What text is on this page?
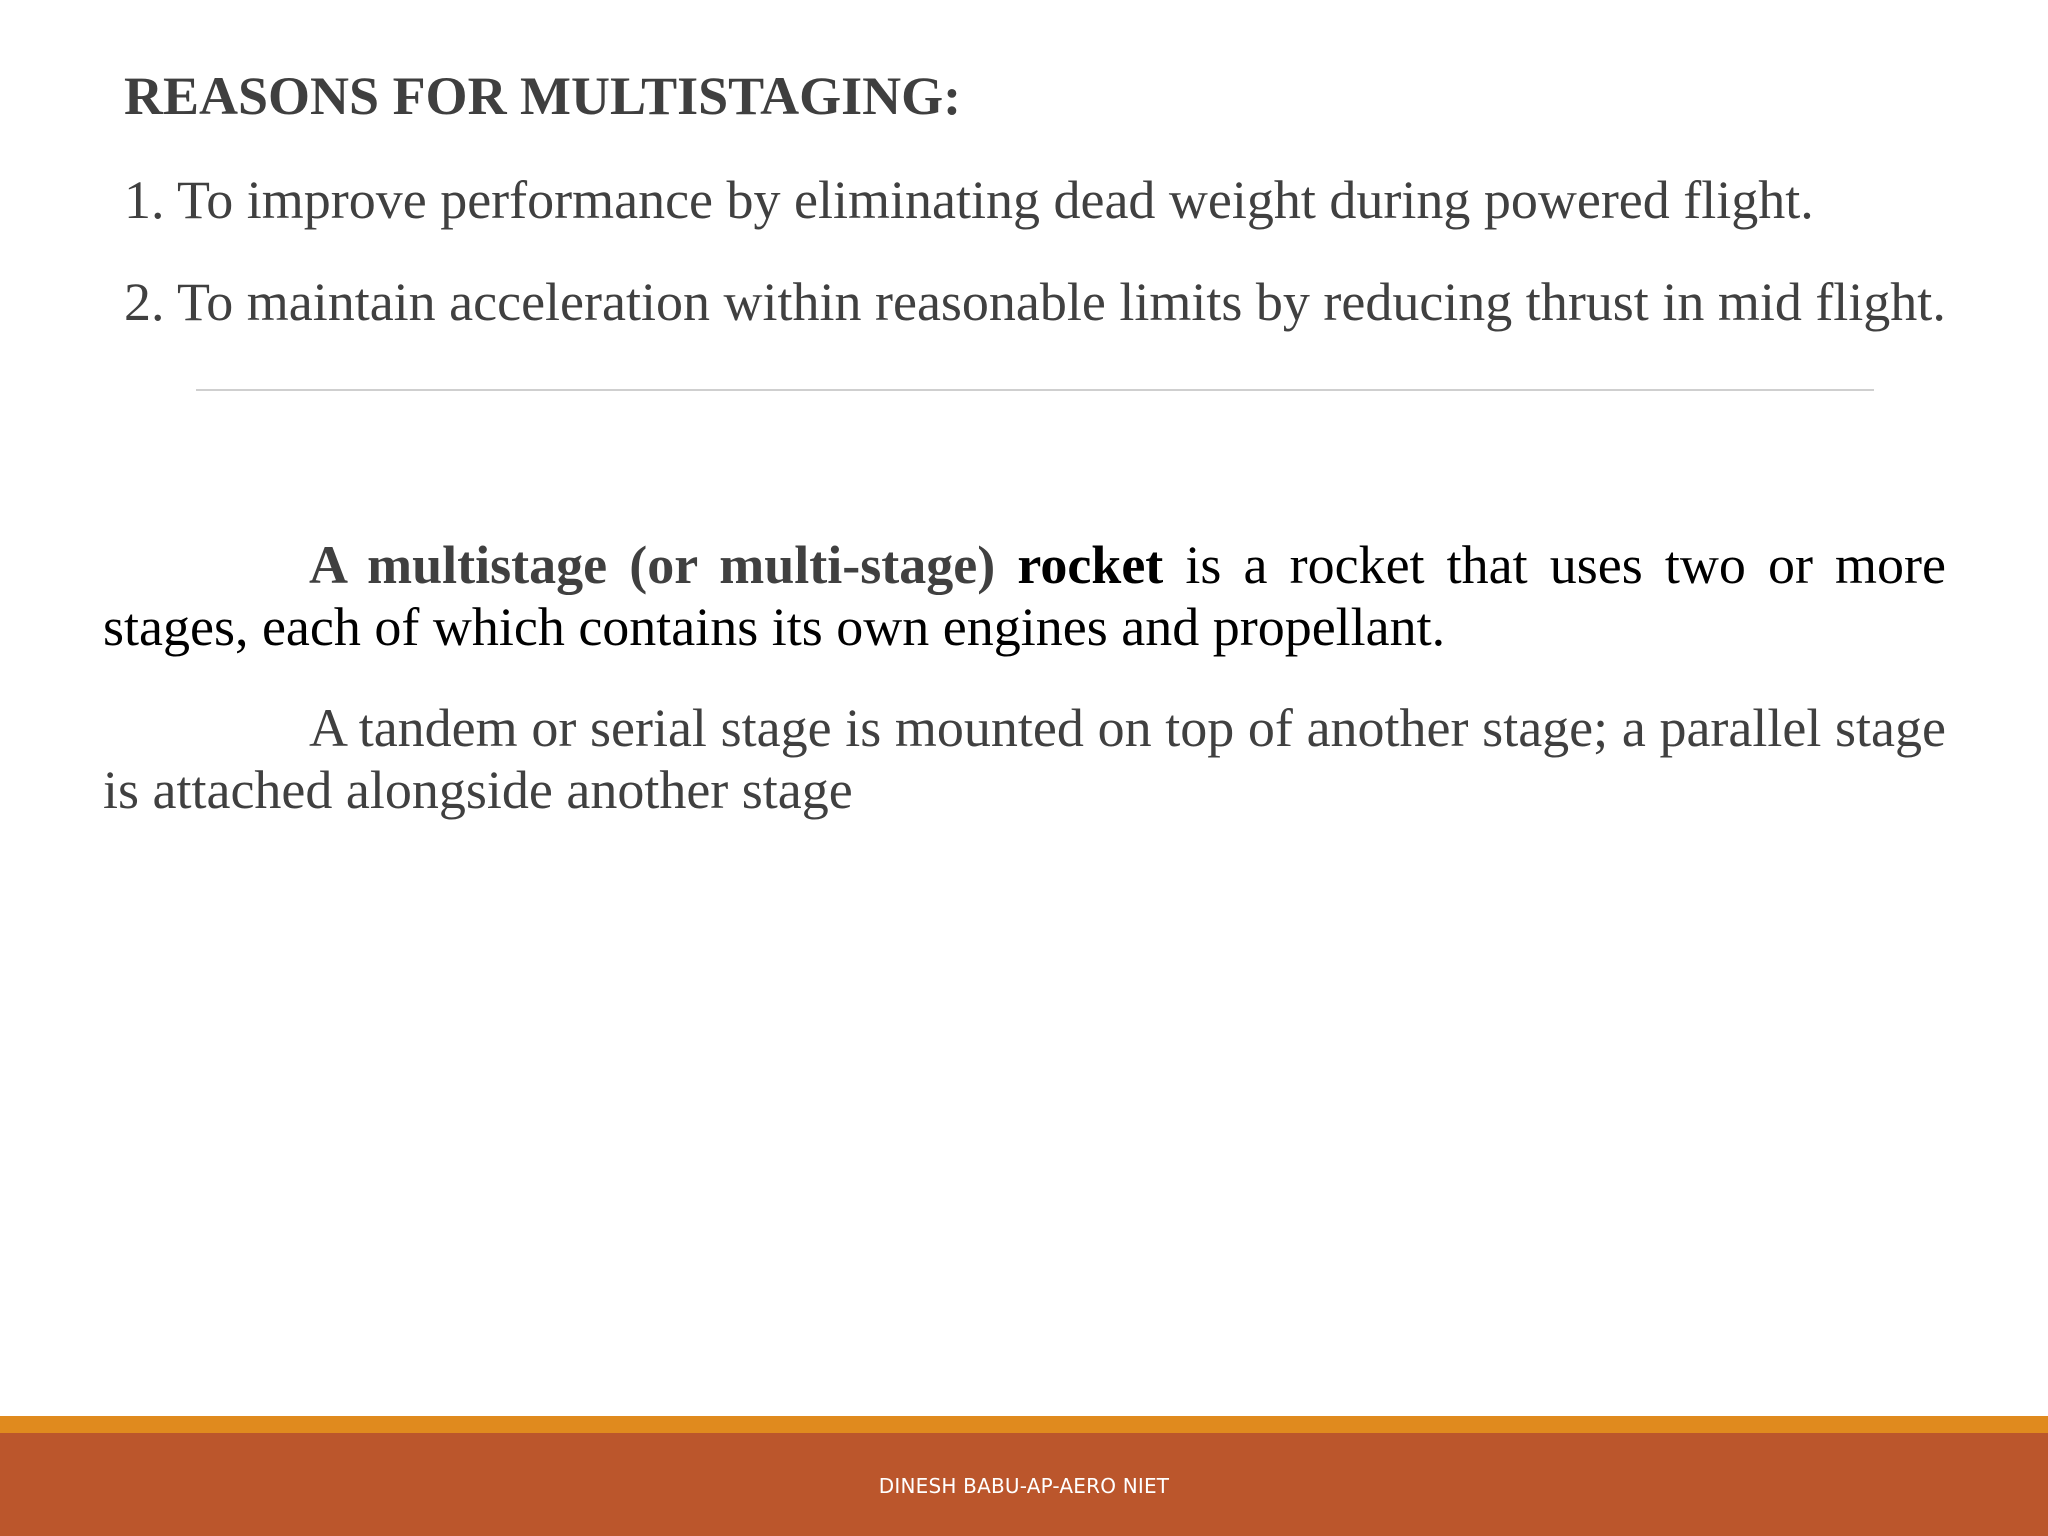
REASONS FOR MULTISTAGING:

1. To improve performance by eliminating dead weight during powered flight.

2. To maintain acceleration within reasonable limits by reducing thrust in mid flight.

A multistage (or multi-stage) rocket is a rocket that uses two or more stages, each of which contains its own engines and propellant.

A tandem or serial stage is mounted on top of another stage; a parallel stage is attached alongside another stage

DINESH BABU-AP-AERO NIET
